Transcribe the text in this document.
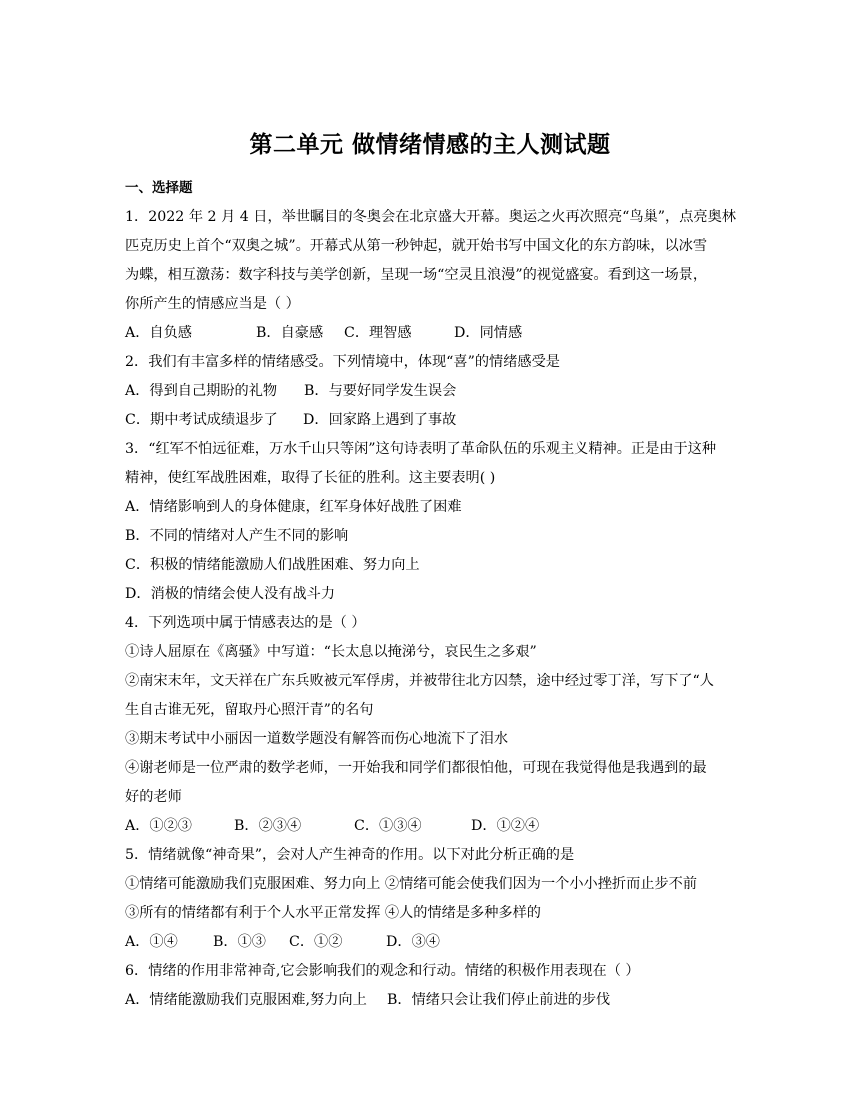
第二单元 做情绪情感的主人测试题
一、选择题
1．2022 年 2 月 4 日，举世瞩目的冬奥会在北京盛大开幕。奥运之火再次照亮“鸟巢”，点亮奥林
匹克历史上首个“双奥之城”。开幕式从第一秒钟起，就开始书写中国文化的东方韵味，以冰雪
为蝶，相互激荡：数字科技与美学创新，呈现一场“空灵且浪漫”的视觉盛宴。看到这一场景，
你所产生的情感应当是（ ）
A．自负感	B．自豪感 C．理智感	D．同情感
2．我们有丰富多样的情绪感受。下列情境中，体现“喜”的情绪感受是
A．得到自己期盼的礼物 B．与要好同学发生误会
C．期中考试成绩退步了 D．回家路上遇到了事故
3．“红军不怕远征难，万水千山只等闲”这句诗表明了革命队伍的乐观主义精神。正是由于这种
精神，使红军战胜困难，取得了长征的胜利。这主要表明( )
A．情绪影响到人的身体健康，红军身体好战胜了困难
B．不同的情绪对人产生不同的影响
C．积极的情绪能激励人们战胜困难、努力向上
D．消极的情绪会使人没有战斗力
4．下列选项中属于情感表达的是（ ）
①诗人屈原在《离骚》中写道：“长太息以掩涕兮，哀民生之多艰”
②南宋末年，文天祥在广东兵败被元军俘虏，并被带往北方囚禁，途中经过零丁洋，写下了“人
生自古谁无死，留取丹心照汗青”的名句
③期末考试中小丽因一道数学题没有解答而伤心地流下了泪水
④谢老师是一位严肃的数学老师，一开始我和同学们都很怕他，可现在我觉得他是我遇到的最
好的老师
A．①②③	B．②③④	C．①③④	D．①②④
5．情绪就像“神奇果”，会对人产生神奇的作用。以下对此分析正确的是
①情绪可能激励我们克服困难、努力向上 ②情绪可能会使我们因为一个小小挫折而止步不前
③所有的情绪都有利于个人水平正常发挥 ④人的情绪是多种多样的
A．①④ B．①③ C．①②	D．③④
6．情绪的作用非常神奇,它会影响我们的观念和行动。情绪的积极作用表现在（ ）
A．情绪能激励我们克服困难,努力向上 B．情绪只会让我们停止前进的步伐
